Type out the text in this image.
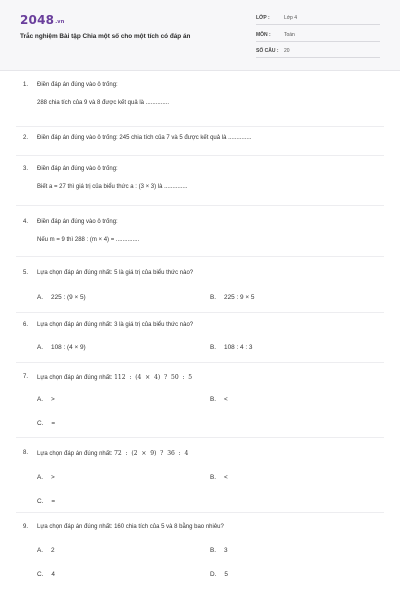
2048.vn
Trắc nghiệm Bài tập Chia một số cho một tích có đáp án
LỚP :	Lớp 4
MÔN :	Toán
SỐ CÂU : 20
1. Điền đáp án đúng vào ô trống:
288 chia tích của 9 và 8 được kết quả là ..............
2. Điền đáp án đúng vào ô trống: 245 chia tích của 7 và 5 được kết quả là ..............
3. Điền đáp án đúng vào ô trống:
Biết a = 27 thì giá trị của biểu thức a : (3 × 3) là ..............
4. Điền đáp án đúng vào ô trống:
Nếu m = 9 thì 288 : (m × 4) = ..............
5. Lựa chọn đáp án đúng nhất: 5 là giá trị của biểu thức nào?
A. 225 : (9 × 5)	B. 225 : 9 × 5
6. Lựa chọn đáp án đúng nhất: 3 là giá trị của biểu thức nào?
A. 108 : (4 × 9)	B. 108 : 4 : 3
7. Lựa chọn đáp án đúng nhất: 112  :  (4  ×  4)  ?  50  :  5
A. >	B. <
C. =
8. Lựa chọn đáp án đúng nhất: 72  :  (2  ×  9)  ?  36  :  4
A. >	B. <
C. =
9. Lựa chọn đáp án đúng nhất: 160 chia tích của 5 và 8 bằng bao nhiêu?
A. 2	B. 3
C. 4	D. 5
